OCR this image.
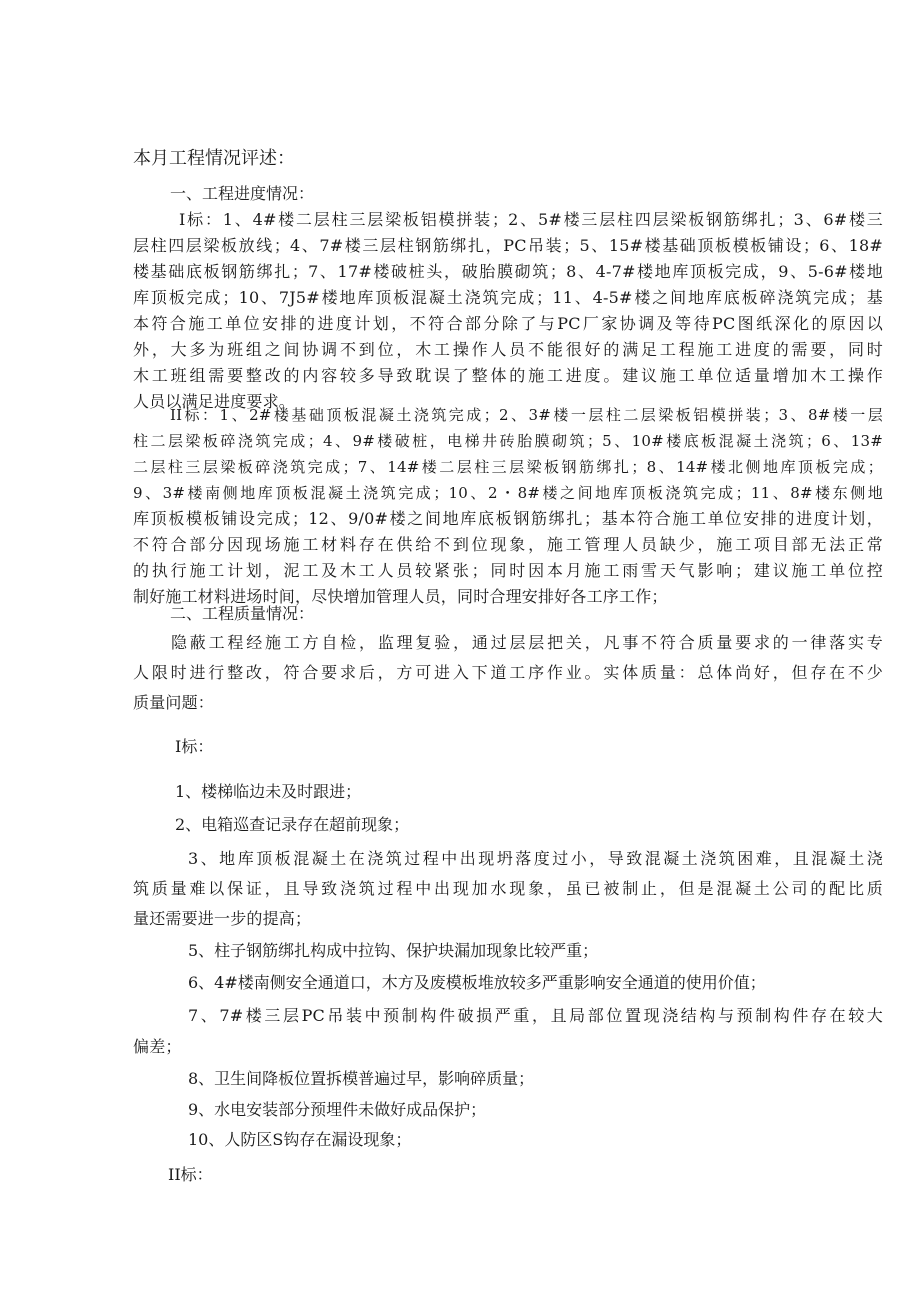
本月工程情况评述：
一、工程进度情况：
I标：1、4#楼二层柱三层梁板铝模拼装；2、5#楼三层柱四层梁板钢筋绑扎；3、6#楼三
层柱四层梁板放线；4、7#楼三层柱钢筋绑扎，PC吊装；5、15#楼基础顶板模板铺设；6、18#
楼基础底板钢筋绑扎；7、17#楼破桩头，破胎膜砌筑；8、4-7#楼地库顶板完成，9、5-6#楼地
库顶板完成；10、7J5#楼地库顶板混凝土浇筑完成；11、4-5#楼之间地库底板碎浇筑完成；基
本符合施工单位安排的进度计划，不符合部分除了与PC厂家协调及等待PC图纸深化的原因以
外，大多为班组之间协调不到位，木工操作人员不能很好的满足工程施工进度的需要，同时
木工班组需要整改的内容较多导致耽误了整体的施工进度。建议施工单位适量增加木工操作
人员以满足进度要求。
II标：1、2#楼基础顶板混凝土浇筑完成；2、3#楼一层柱二层梁板铝模拼装；3、8#楼一层
柱二层梁板碎浇筑完成；4、9#楼破桩，电梯井砖胎膜砌筑；5、10#楼底板混凝土浇筑；6、13#
二层柱三层梁板碎浇筑完成；7、14#楼二层柱三层梁板钢筋绑扎；8、14#楼北侧地库顶板完成；
9、3#楼南侧地库顶板混凝土浇筑完成；10、2・8#楼之间地库顶板浇筑完成；11、8#楼东侧地
库顶板模板铺设完成；12、9/0#楼之间地库底板钢筋绑扎；基本符合施工单位安排的进度计划，
不符合部分因现场施工材料存在供给不到位现象，施工管理人员缺少，施工项目部无法正常
的执行施工计划，泥工及木工人员较紧张；同时因本月施工雨雪天气影响；建议施工单位控
制好施工材料进场时间，尽快增加管理人员，同时合理安排好各工序工作；
二、工程质量情况：
隐蔽工程经施工方自检，监理复验，通过层层把关，凡事不符合质量要求的一律落实专
人限时进行整改，符合要求后，方可进入下道工序作业。实体质量：总体尚好，但存在不少
质量问题：
I标：
1、楼梯临边未及时跟进；
2、电箱巡查记录存在超前现象；
3、地库顶板混凝土在浇筑过程中出现坍落度过小，导致混凝土浇筑困难，且混凝土浇
筑质量难以保证，且导致浇筑过程中出现加水现象，虽已被制止，但是混凝土公司的配比质
量还需要进一步的提高；
5、柱子钢筋绑扎构成中拉钩、保护块漏加现象比较严重；
6、4#楼南侧安全通道口，木方及废模板堆放较多严重影响安全通道的使用价值；
7、7#楼三层PC吊装中预制构件破损严重，且局部位置现浇结构与预制构件存在较大
偏差；
8、卫生间降板位置拆模普遍过早，影响碎质量；
9、水电安装部分预埋件未做好成品保护；
10、人防区S钩存在漏设现象；
II标：
